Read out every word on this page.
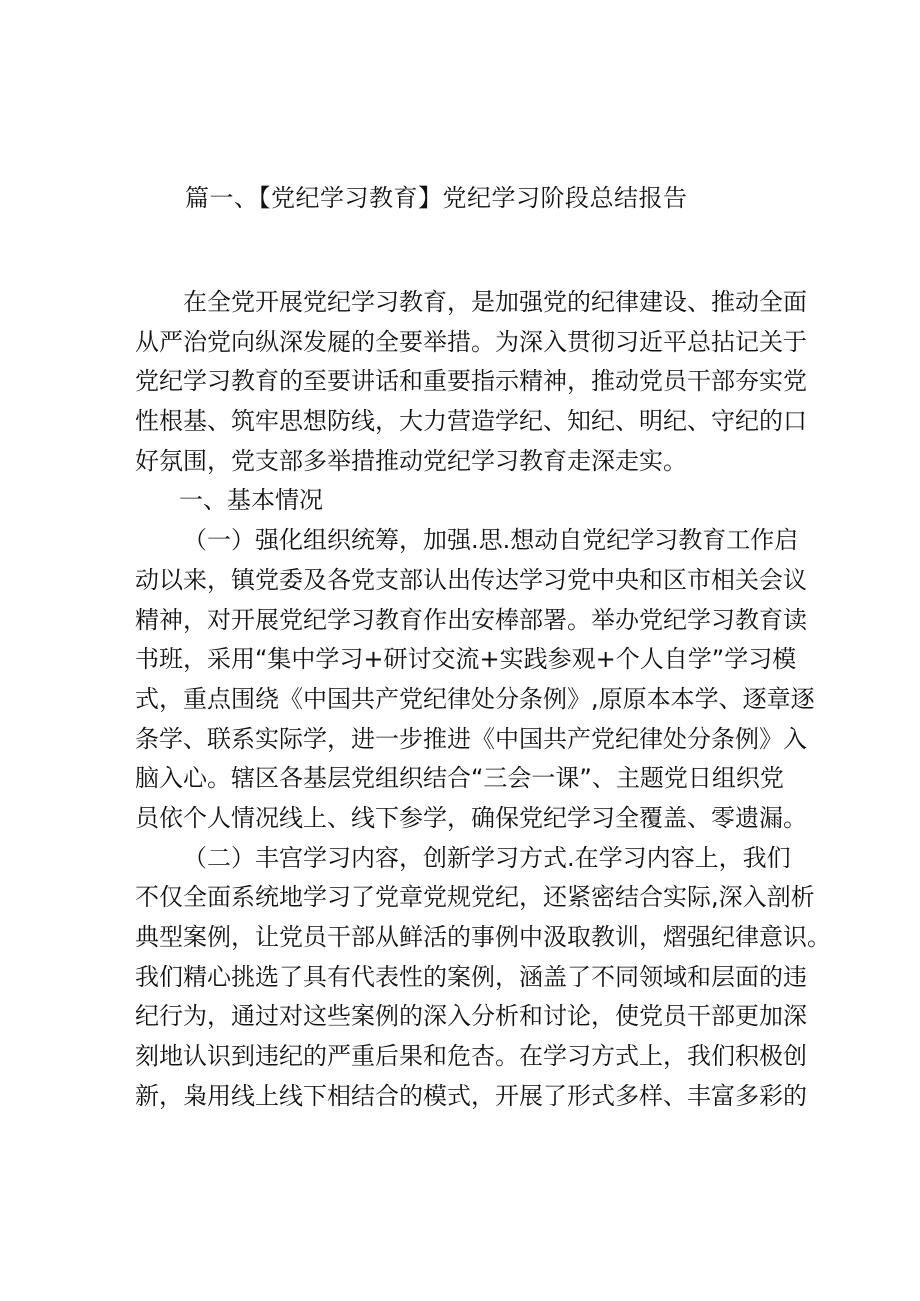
篇一、【党纪学习教育】党纪学习阶段总结报告
在全党开展党纪学习教育，是加强党的纪律建设、推动全面
从严治党向纵深发屣的全要举措。为深入贯彻习近平总拈记关于
党纪学习教育的至要讲话和重要指示精神，推动党员干部夯实党
性根基、筑牢思想防线，大力营造学纪、知纪、明纪、守纪的口
好氛围，党支部多举措推动党纪学习教育走深走实。
一、基本情况
（一）强化组织统筹，加强.思.想动自党纪学习教育工作启
动以来，镇党委及各党支部认出传达学习党中央和区市相关会议
精神，对开展党纪学习教育作出安棒部署。举办党纪学习教育读
书班，采用“集中学习+研讨交流+实践参观+个人自学”学习模
式，重点围绕《中国共产党纪律处分条例》,原原本本学、逐章逐
条学、联系实际学，进一步推进《中国共产党纪律处分条例》入
脑入心。辖区各基层党组织结合“三会一课”、主题党日组织党
员依个人情况线上、线下参学，确保党纪学习全覆盖、零遗漏。
（二）丰宫学习内容，创新学习方式.在学习内容上，我们
不仅全面系统地学习了党章党规党纪，还紧密结合实际,深入剖析
典型案例，让党员干部从鲜活的事例中汲取教训，熠强纪律意识。
我们精心挑选了具有代表性的案例，涵盖了不同领域和层面的违
纪行为，通过对这些案例的深入分析和讨论，使党员干部更加深
刻地认识到违纪的严重后果和危杏。在学习方式上，我们积极创
新，枭用线上线下相结合的模式，开展了形式多样、丰富多彩的
